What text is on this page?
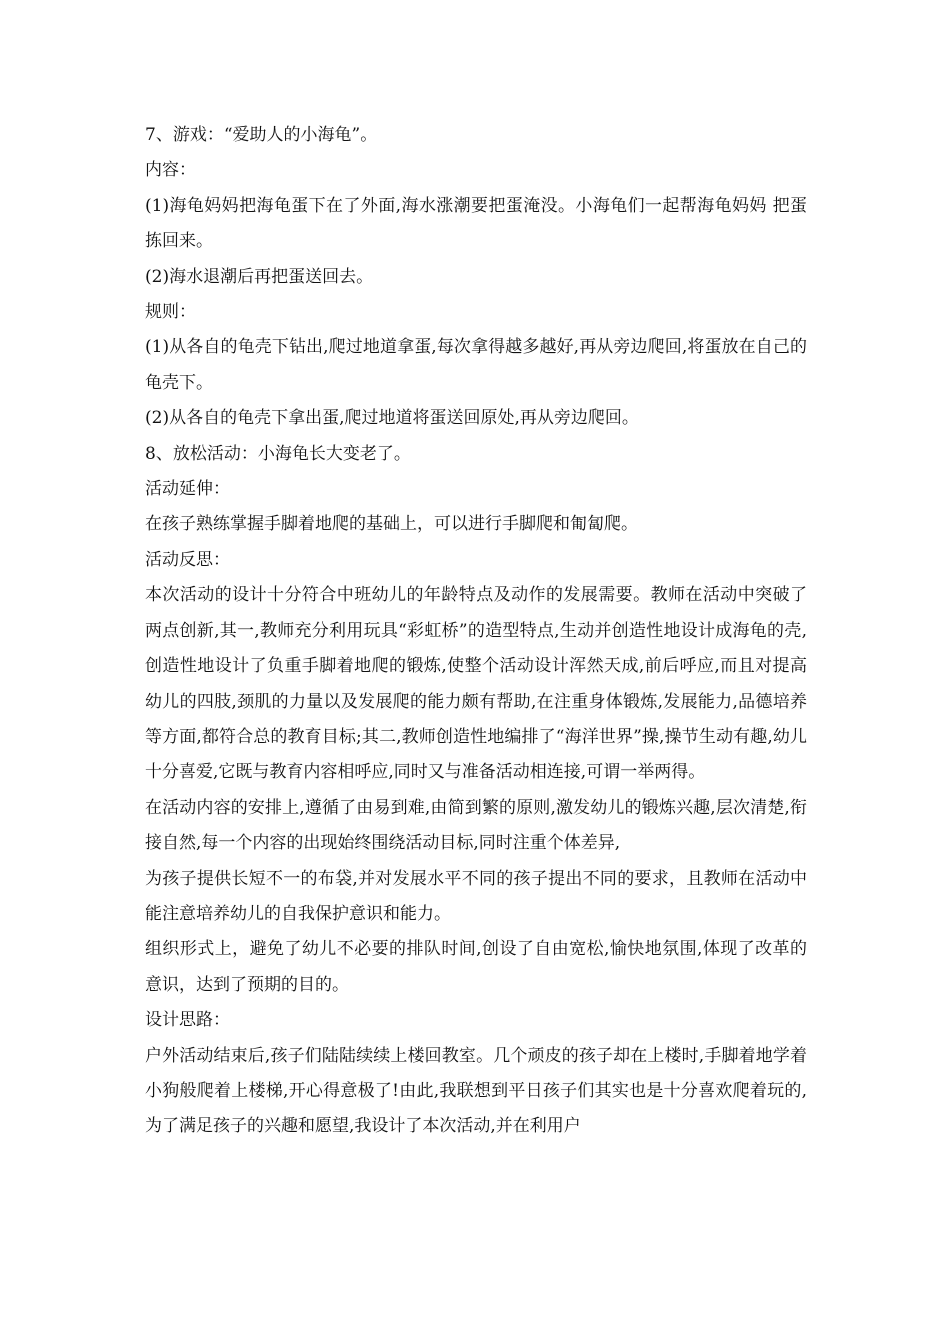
7、游戏：“爱助人的小海龟”。

内容：

(1)海龟妈妈把海龟蛋下在了外面,海水涨潮要把蛋淹没。小海龟们一起帮海龟妈妈 把蛋拣回来。

(2)海水退潮后再把蛋送回去。

规则：

(1)从各自的龟壳下钻出,爬过地道拿蛋,每次拿得越多越好,再从旁边爬回,将蛋放在自己的龟壳下。

(2)从各自的龟壳下拿出蛋,爬过地道将蛋送回原处,再从旁边爬回。

8、放松活动：小海龟长大变老了。

活动延伸：

在孩子熟练掌握手脚着地爬的基础上，可以进行手脚爬和匍匐爬。

活动反思：

本次活动的设计十分符合中班幼儿的年龄特点及动作的发展需要。教师在活动中突破了两点创新,其一,教师充分利用玩具“彩虹桥”的造型特点,生动并创造性地设计成海龟的壳,创造性地设计了负重手脚着地爬的锻炼,使整个活动设计浑然天成,前后呼应,而且对提高幼儿的四肢,颈肌的力量以及发展爬的能力颇有帮助,在注重身体锻炼,发展能力,品德培养等方面,都符合总的教育目标;其二,教师创造性地编排了“海洋世界”操,操节生动有趣,幼儿十分喜爱,它既与教育内容相呼应,同时又与准备活动相连接,可谓一举两得。

在活动内容的安排上,遵循了由易到难,由简到繁的原则,激发幼儿的锻炼兴趣,层次清楚,衔接自然,每一个内容的出现始终围绕活动目标,同时注重个体差异,

为孩子提供长短不一的布袋,并对发展水平不同的孩子提出不同的要求，且教师在活动中能注意培养幼儿的自我保护意识和能力。

组织形式上，避免了幼儿不必要的排队时间,创设了自由宽松,愉快地氛围,体现了改革的意识，达到了预期的目的。

设计思路：

户外活动结束后,孩子们陆陆续续上楼回教室。几个顽皮的孩子却在上楼时,手脚着地学着小狗般爬着上楼梯,开心得意极了!由此,我联想到平日孩子们其实也是十分喜欢爬着玩的,为了满足孩子的兴趣和愿望,我设计了本次活动,并在利用户
